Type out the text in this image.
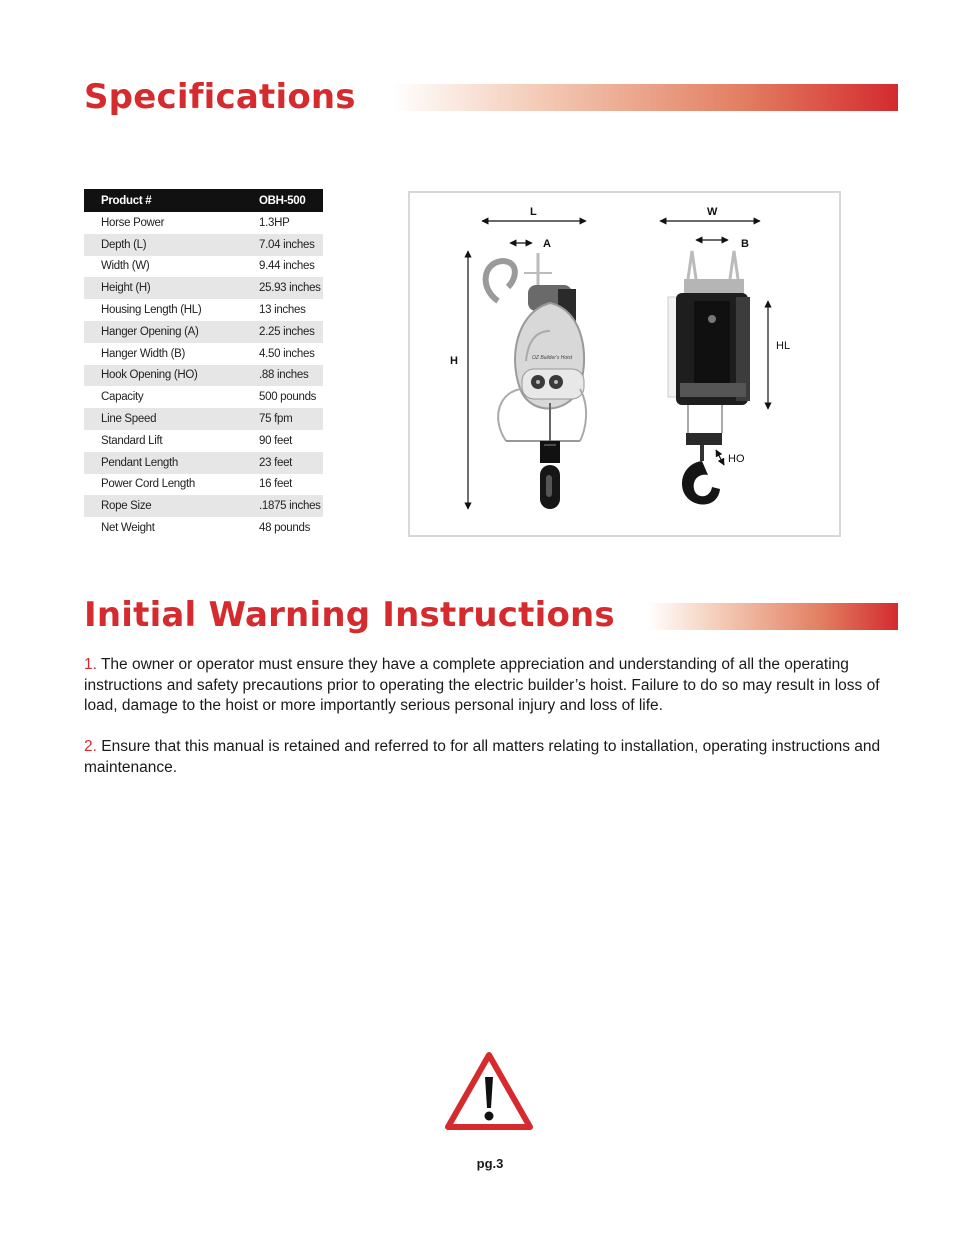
Specifications
Product #	OBH-500
Horse Power	1.3HP
Depth (L)	7.04 inches
Width (W)	9.44 inches
Height (H)	25.93 inches
Housing Length (HL)	13 inches
Hanger Opening (A)	2.25 inches
Hanger Width (B)	4.50 inches
Hook Opening (HO)	.88 inches
Capacity	500 pounds
Line Speed	75 fpm
Standard Lift	90 feet
Pendant Length	23 feet
Power Cord Length	16 feet
Rope Size	.1875 inches
Net Weight	48 pounds
L
A
W
B
H
HL
HO
OZ Builder's Hoist
Initial Warning Instructions

1. The owner or operator must ensure they have a complete appreciation and understanding of all the operating instructions and safety precautions prior to operating the electric builder’s hoist. Failure to do so may result in loss of load, damage to the hoist or more importantly serious personal injury and loss of life.

2. Ensure that this manual is retained and referred to for all matters relating to installation, operating instructions and maintenance.

pg.3
